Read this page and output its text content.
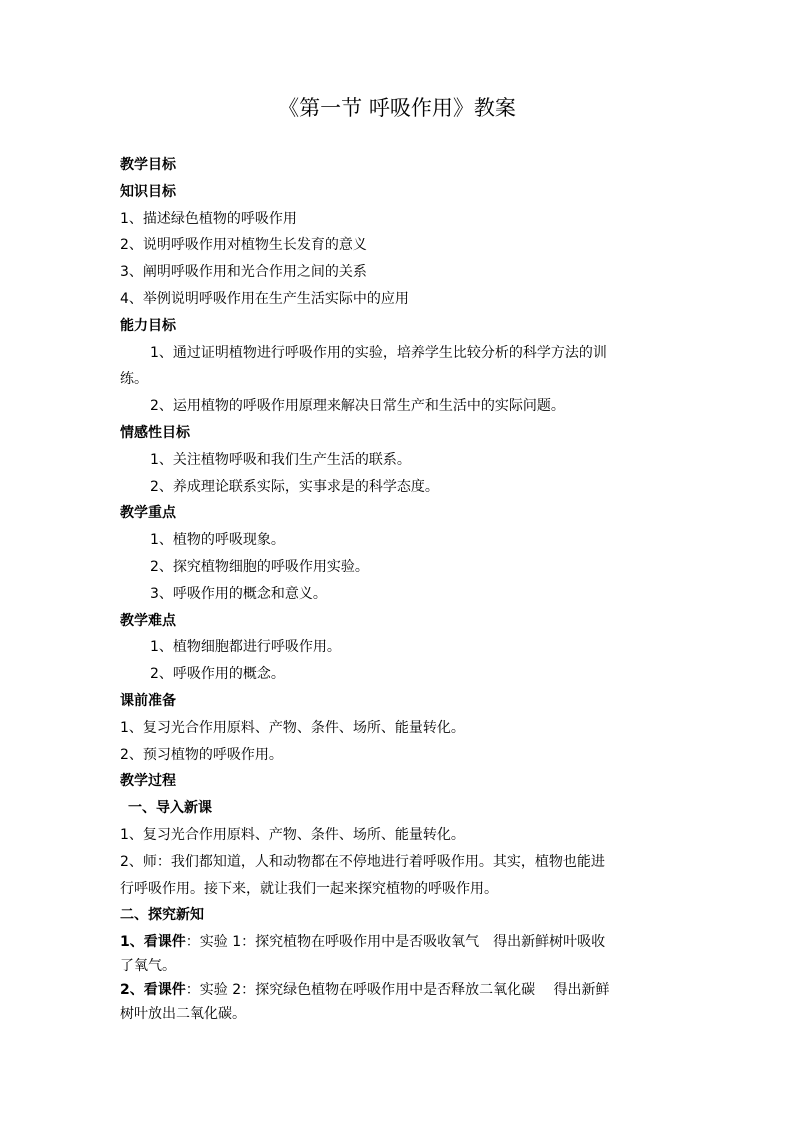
《第一节 呼吸作用》教案
教学目标
知识目标
1、描述绿色植物的呼吸作用
2、说明呼吸作用对植物生长发育的意义
3、阐明呼吸作用和光合作用之间的关系
4、举例说明呼吸作用在生产生活实际中的应用
能力目标
1、通过证明植物进行呼吸作用的实验，培养学生比较分析的科学方法的训
练。
2、运用植物的呼吸作用原理来解决日常生产和生活中的实际问题。
情感性目标
1、关注植物呼吸和我们生产生活的联系。
2、养成理论联系实际，实事求是的科学态度。
教学重点
1、植物的呼吸现象。
2、探究植物细胞的呼吸作用实验。
3、呼吸作用的概念和意义。
教学难点
1、植物细胞都进行呼吸作用。
2、呼吸作用的概念。
课前准备
1、复习光合作用原料、产物、条件、场所、能量转化。
2、预习植物的呼吸作用。
教学过程
一、导入新课
1、复习光合作用原料、产物、条件、场所、能量转化。
2、师：我们都知道，人和动物都在不停地进行着呼吸作用。其实，植物也能进
行呼吸作用。接下来，就让我们一起来探究植物的呼吸作用。
二、探究新知
1、看课件：实验 1：探究植物在呼吸作用中是否吸收氧气　得出新鲜树叶吸收
了氧气。
2、看课件：实验 2：探究绿色植物在呼吸作用中是否释放二氧化碳　 得出新鲜
树叶放出二氧化碳。
